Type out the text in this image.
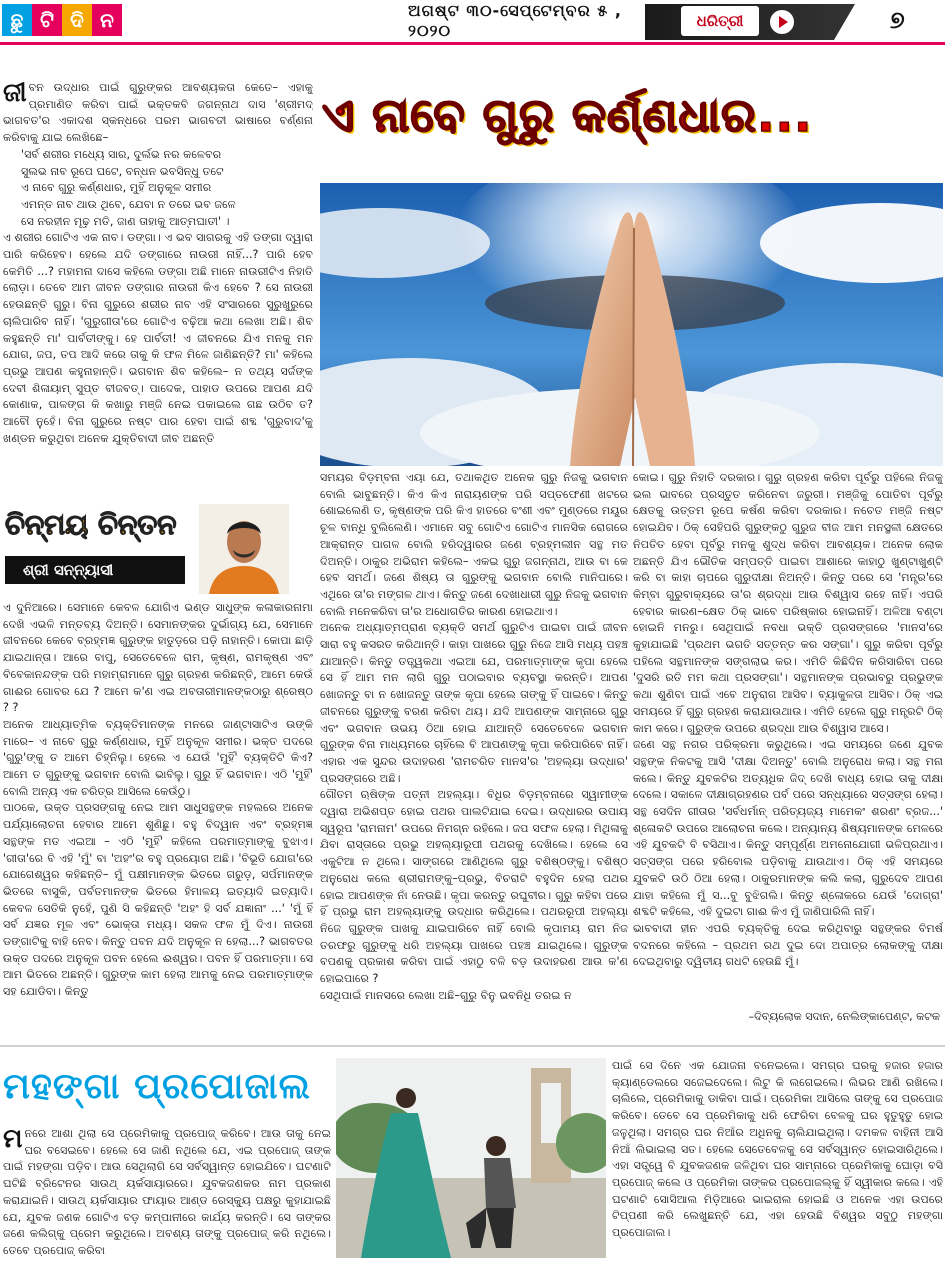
ଛୁ ଟି ଦି ନ	ଅଗଷ୍ଟ ୩୦-ସେପ୍ଟେମ୍ବର ୫ , ୨୦୨୦	ଧରିତ୍ରୀ	୭
ଏ ନାବେ ଗୁରୁ କର୍ଣ୍ଣଧାର...

ଜୀବନ ଉଦ୍ଧାର ପାଇଁ ଗୁରୁଙ୍କର ଆବଶ୍ୟକତା କେତେ– ଏହାକୁ ପ୍ରମାଣିତ କରିବା ପାଇଁ ଭକ୍ତକବି ଜଗନ୍ନାଥ ଦାସ 'ଶ୍ରୀମଦ୍ ଭାଗବତ'ର ଏକାଦଶ ସ୍କନ୍ଧରେ ପରମ ଭାଗବତୀ ଭାଷାରେ ବର୍ଣ୍ଣନା କରିବାକୁ ଯାଇ ଲେଖିଛେ–

'ସର୍ବ ଶରୀର ମଧ୍ୟେ ସାର, ଦୁର୍ଲଭ ନର କଳେବର

ସୁଲଭ ନାବ ରୂପେ ଘଟେ, ବନ୍ଧନ ଭବସିନ୍ଧୁ ତଟେ

ଏ ନାବେ ଗୁରୁ କର୍ଣ୍ଣଧାର, ମୁହିଁ ଅନୁକୂଳ ସମୀର

ଏମନ୍ତ ନାବ ଥାଉ ଥିବେ, ଯେବା ନ ତରେ ଭବ ଜଳେ

ସେ ନରହୀନ ମୂଢ଼ ମତି, ଜାଣ ତାହାକୁ ଆତ୍ମଘାତୀ' ।

ଏ ଶରୀର ଗୋଟିଏ ଏକ ନାବ। ଡଙ୍ଗା। ଏ ଭବ ସାଗରକୁ ଏହି ଡଙ୍ଗା ଦ୍ୱାରା ପାରି କରିହେବ। ହେଲେ ଯଦି ଡଙ୍ଗାରେ ନାଉରୀ ନାହିଁ...? ପାରି ହେବ କେମିତି ...? ମହାମନା ଦାସେ କହିଲେ ଡଙ୍ଗା ଅଛି ମାନେ ନାଉରୀଟିଏ ନିହାତି ଲୋଡ଼ା। ତେବେ ଆମ ଜୀବନ ଡଙ୍ଗାର ନାଉରୀ କିଏ ହେବେ ? ସେ ନାଉରୀ ହେଉଛନ୍ତି ଗୁରୁ। ବିନା ଗୁରୁରେ ଶରୀର ନାବ ଏହି ସଂସାରରେ ସୁରୁଖୁରୁରେ ଚାଲିପାରିବ ନାହିଁ। 'ଗୁରୁଗୀତା'ରେ ଗୋଟିଏ ବଢ଼ିଆ କଥା ଲେଖା ଅଛି। ଶିବ କହୁଛନ୍ତି ମା' ପାର୍ବତୀଙ୍କୁ। ହେ ପାର୍ବତୀ! ଏ ଜୀବନରେ ଯିଏ ମନକୁ ମନ ଯୋଗ, ଜପ, ତପ ଆଦି କରେ ତାକୁ କି ଫଳ ମିଳେ ଜାଣିଛନ୍ତି? ମା' କହିଲେ ପ୍ରଭୁ ଆପଣ କହୁନାହାନ୍ତି। ଭଗବାନ ଶିବ କହିଲେ– ନ ତଥ୍ୟ ସର୍ଜଙ୍କ ଦେବୀ ଶିଳାୟାମ୍ ସୁପ୍ତ ବୀଜବତ୍। ପାଦେକ, ପାହାଡ ଉପରେ ଆପଣ ଯଦି କୋଣାକ, ପାଳଙ୍ଗ କି କଖାରୁ ମଞ୍ଜି ନେଇ ପକାଇଲେ ଗଛ ଉଠିବ ତ? ଆବୌ ନୁହେଁ। ବିନା ଗୁରୁରେ ନଷ୍ଟ ପାର ହେବା ପାଇଁ ଶବ୍ଦ 'ଗୁରୁବାଦ'କୁ ଖଣ୍ଡନ କରୁଥିବା ଅନେକ ଯୁକ୍ତିବାଦୀ ଜୀବ ଅଛନ୍ତି

ଚିନ୍ମୟ ଚିନ୍ତନ
ଶ୍ରୀ ସନ୍ନ୍ୟାସୀ

ଏ ଦୁନିଆରେ। ସେମାନେ କେବଳ ଯୋଗିଏ ଭଣ୍ଡ ସାଧୁଙ୍କ କଳାକାରନାମା ଦେଖି ଏଭଳି ମନ୍ତବ୍ୟ ଦିଅନ୍ତି। ସେମାନଙ୍କର ଦୁର୍ଭାଗ୍ୟ ଯେ, ସେମାନେ ଜୀବନରେ କେବେ ବ୍ରହ୍ମଜ୍ଞ ଗୁରୁଙ୍କ ହାତୁଡ଼ରେ ପଡ଼ି ନାହାନ୍ତି। କୋପା ଛାଡ଼ି ଯାଇଥାନ୍ତା। ଆରେ ବାପୁ, ସେତେବେଳେ ରାମ, କୃଷ୍ଣ, ରାମକୃଷ୍ଣ ଏବଂ ବିବେକାନନ୍ଦଙ୍କ ପରି ମହାମ୍ରାମାନେ ଗୁରୁ ଗ୍ରହଣ କରିଛନ୍ତି, ଆମେ କେଉଁ ଗାଈର ଗୋବର ଯେ ? ଆମେ କ'ଣ ଏଇ ଅବତାରୀମାନଙ୍କଠାରୁ ଶ୍ରେଷ୍ଠ ? ?

ଅନେକ ଆଧ୍ୟାତ୍ମିକ ବ୍ୟକ୍ତିମାନଙ୍କ ମନରେ ଜାଣ୍ଟାସାଟିଏ ଉଙ୍କି ମାରେ– ଏ ନାବେ ଗୁରୁ କର୍ଣ୍ଣଧାର, ମୁହିଁ ଅନୁକୂଳ ସମୀର। ଭକ୍ତ ପଦରେ 'ଗୁରୁ'ଙ୍କୁ ତ ଆମେ ଚିହ୍ନିଲୁ। ହେଲେ ଏ ଯେଉଁ 'ମୁହିଁ' ବ୍ୟକ୍ତିଟି କିଏ? ଆମେ ତ ଗୁରୁଙ୍କୁ ଭଗବାନ ବୋଲି ଭାବିଲୁ। ଗୁରୁ ହିଁ ଭଗବାନ। ଏଠି 'ମୁହିଁ' ବୋଲି ଅନ୍ୟ ଏକ ଚରିତ୍ର ଆସିଲେ କେଉଁଠୁ।

ପାଠକେ, ଉକ୍ତ ପ୍ରସଙ୍ଗକୁ ନେଇ ଆମ ସାଧୁସନ୍ଥଙ୍କ ମହଲରେ ଅନେକ ପର୍ଯ୍ୟାଲୋଚନା ହେବାର ଆମେ ଶୁଣିଛୁ। ବହୁ ବିଦ୍ୱାନ ଏବଂ ବ୍ରହ୍ମଜ୍ଞ ସନ୍ଥଙ୍କ ମତ ଏଇଆ – ଏଠି 'ମୁହିଁ' କହିଲେ ପରମାତ୍ମାଙ୍କୁ ବୁଝାଏ। 'ଗୀତା'ରେ ବି ଏହି 'ମୁଁ' ବା 'ଅହଂ'ର ବହୁ ପ୍ରୟୋଗ ଅଛି। 'ବିଭୂତି ଯୋଗ'ରେ ଯୋଗେଶ୍ୱର କହିଛନ୍ତି– ମୁଁ ପକ୍ଷୀମାନଙ୍କ ଭିତରେ ଗରୁଡ଼, ସର୍ପମାନଙ୍କ ଭିତରେ ବାସୁକି, ପର୍ବତମାନଙ୍କ ଭିତରେ ହିମାଳୟ ଇତ୍ୟାଦି ଇତ୍ୟାଦି। କେବଳ ସେତିକି ନୁହେଁ, ପୁଣି ସି କହିଛନ୍ତି 'ଅହଂ ହି ସର୍ବ ଯଜ୍ଞାନାଂ ...' 'ମୁଁ ହିଁ ସର୍ବ ଯଜ୍ଞର ମୂଳ ଏବଂ ଭୋକ୍ତା ମଧ୍ୟ। ସକଳ ଫଳ ମୁଁ ଦିଏ। ନାଉରୀ ଡଙ୍ଗାଟିକୁ ବାହି ନେବ। କିନ୍ତୁ ପବନ ଯଦି ଅନୁକୂଳ ନ ହେଲା...? ଭାଗବତର ଉକ୍ତ ପଦରେ ଅନୁକୂଳ ପବନ ହେଲେ ଈଶ୍ୱର। ପବନ ହିଁ ପରମାତ୍ମା। ସେ ଆମ ଭିତରେ ଅଛନ୍ତି। ଗୁରୁଙ୍କ କାମ ହେଲା ଆମକୁ ନେଇ ପରମାତ୍ମାଙ୍କ ସହ ଯୋଡିବା। କିନ୍ତୁ

ସମୟର ବିଡ଼ମ୍ବନା ଏୟା ଯେ, ତଥାକଥିତ ଅନେକ ଗୁରୁ ନିଜକୁ ଭଗବାନ ବୋଲି ଭାବୁଛନ୍ତି। କିଏ କିଏ ନାରାୟଣଙ୍କ ପରି ସପ୍ତଫେଣୀ ଖଟରେ ଶୋଇଲେଣି ତ, କୃଷ୍ଣଙ୍କ ପରି କିଏ ହାତରେ ବଂଶୀ ଏବଂ ମୁଣ୍ଡରେ ମୟୂର ଚୂଳ ବାନ୍ଧି ବୁଲିଲେଣି। ଏମାନେ ସବୁ ଗୋଟିଏ ଗୋଟିଏ ମାନସିକ ରୋଗରେ ଆକ୍ରାନ୍ତ ପାଗଳ ବୋଲି ହରିଦ୍ୱାରର ଜଣେ ବ୍ରହ୍ମଲୀନ ସନ୍ଥ ମତ ଦିଅନ୍ତି। ଠାକୁର ଅଭିରାମ କହିଲେ– ଏକଇ ଗୁରୁ ଜଗନ୍ନାଥ, ଆଉ ବା କେ ହେବ ସମର୍ଥ। ଜଣେ ଶିଷ୍ୟ ତା ଗୁରୁଙ୍କୁ ଭଗବାନ ବୋଲି ମାନିପାରେ। ଏଥିରେ ତା'ର ମଙ୍ଗଳ ଥାଏ। କିନ୍ତୁ ଜଣେ ଦେଖାଧାରୀ ଗୁରୁ ନିଜକୁ ଭଗବାନ ବୋଲି ମନେକରିବା ତା'ର ଅଧୋଗତିର କାରଣ ହୋଇଥାଏ।

ଅନେକ ଅଧ୍ୟାତ୍ମପ୍ରାଣ ବ୍ୟକ୍ତି ସମର୍ଥ ଗୁରୁଟିଏ ପାଇବା ପାଇଁ ଜୀବନ ସାରା ବହୁ କସରତ କରିଥାନ୍ତି। କାହା ପାଖରେ ଗୁରୁ ନିଜେ ଆସି ମଧ୍ୟ ପହଞ୍ଚ ଯାଆନ୍ତି। କିନ୍ତୁ ତତ୍ତ୍ୱକଥା ଏଇଆ ଯେ, ପରମାତ୍ମାଙ୍କ କୃପା ହେଲେ ସେ ହିଁ ଆମ ମନ ଲାଗି ଗୁରୁ ପଠାଇବାର ବ୍ୟବସ୍ଥା କରନ୍ତି। ଆପଣ ଖୋଜନ୍ତୁ ବା ନ ଖୋଜନ୍ତୁ ତାଙ୍କ କୃପା ହେଲେ ତାଙ୍କୁ ହିଁ ପାଇବେ। କିନ୍ତୁ ଜୀବନରେ ଗୁରୁଙ୍କୁ ବରଣ କରିବା ଥୟ। ଯଦି ଆପଣଙ୍କ ସାମ୍ନାରେ ଗୁରୁ ଏବଂ ଭଗବାନ ଉଭୟ ଠିଆ ହୋଇ ଯାଆନ୍ତି ସେତେବେଳେ ଭଗବାନ ଗୁରୁଙ୍କ ବିନା ମାଧ୍ୟମରେ ଚାହିଁଲେ ବି ଆପଣଙ୍କୁ କୃପା କରିପାରିବେ ନାହିଁ। ଏହାର ଏକ ସୁନ୍ଦର ଉଦାହରଣ 'ରାମଚରିତ ମାନସ'ର 'ଅହଲ୍ୟା ଉଦ୍ଧାର' ପ୍ରସଙ୍ଗରେ ଅଛି।

ଗୌତମ ଋଷିଙ୍କ ପତ୍ନୀ ଅହଲ୍ୟା। ବିଧିର ବିଡ଼ମ୍ବନାରେ ସ୍ୱାମୀଙ୍କ ଦ୍ୱାରା ଅଭିଶପ୍ତ ହୋଇ ପଥର ପାଲଟିଯାଇ ଦେଇ। ଉଦ୍ଧାରର ଉପାୟ ସ୍ୱରୂପ 'ରାମନାମ' ଉପରେ ନିମଗ୍ନ ରହିଲେ। ଜପ ସଫଳ ହେଲା। ମିଥିଳାକୁ ଯିବା ରାସ୍ତାରେ ପ୍ରଭୁ ଅହଲ୍ୟାରୂପୀ ପଥରକୁ ଦେଖିଲେ। ହେଲେ ସେ ଏକୁଟିଆ ନ ଥିଲେ। ସାଙ୍ଗରେ ଆଣିଥିଲେ ଗୁରୁ ବଶିଷ୍ଠଙ୍କୁ। ବଶିଷ୍ଠ ଅନୁରୋଧ କଲେ ଶ୍ରୀରାମଙ୍କୁ–ପ୍ରଭୁ, ବିଚରାଟି ବହୁଦିନ ହେଲା ପଥର ହୋଇ ଆପଣଙ୍କ ନାଁ ନେଉଛି। କୃପା କରନ୍ତୁ ରଘୁବୀର। ଗୁରୁ କହିବା ପରେ ହିଁ ପ୍ରଭୁ ରାମ ଅହଲ୍ୟାଙ୍କୁ ଉଦ୍ଧାର କରିଥିଲେ। ପଥରରୂପୀ ଅହଲ୍ୟା ନିଜେ ଗୁରୁଙ୍କ ପାଖକୁ ଯାଇପାରିବେ ନାହିଁ ବୋଲି କୃପାମୟ ରାମ ନିଜ ତରଫରୁ ଗୁରୁଙ୍କୁ ଧରି ଅହଲ୍ୟା ପାଖରେ ପହଞ୍ଚ ଯାଇଥିଲେ। ଗୁରୁଙ୍କ ବପଣକୁ ପ୍ରକାଶ କରିବା ପାଇଁ ଏହାଠୁ ବଳି ବଡ଼ ଉଦାହରଣ ଆଉ କ'ଣ ହୋଇପାରେ ?

ସେଥିପାଇଁ ମାନସରେ ଲେଖା ଅଛି–ଗୁରୁ ବିନୁ ଭବନିଧି ତରଇ ନ

କୋଇ। ଗୁରୁ ନିହାତି ଦରକାର। ଗୁରୁ ଗ୍ରହଣ କରିବା ପୂର୍ବରୁ ପହିଲେ ନିଜକୁ ଭଲ ଭାବରେ ପ୍ରସ୍ତୁତ କରିନେବା ଜରୁରୀ। ମଞ୍ଜିକୁ ପୋତିବା ପୂର୍ବରୁ କ୍ଷେତକୁ ଉତ୍ତମ ରୂପେ କର୍ଷଣ କରିବା ଦରକାର। ନଚେତ ମଞ୍ଜି ନଷ୍ଟ ହୋଇଯିବ। ଠିକ୍ ସେହିପରି ଗୁରୁଙ୍କଠୁ ଗୁରୁଜ ବୀଜ ଆମ ମନସ୍ଥଳୀ କ୍ଷେତରେ ନିପତିତ ହେବା ପୂର୍ବରୁ ମନକୁ ଶୁଦ୍ଧ କରିବା ଆବଶ୍ୟକ। ଅନେକ ଲୋକ ଅଛନ୍ତି ଯିଏ ଭୌତିକ ସମ୍ପତ୍ତି ପାଇବା ଆଶାରେ କାହାଠୁ ଖୁଣ୍ଟାଖୁଣ୍ଟି କରି ବା କାହା ଚାପରେ ଗୁରୁଦୀକ୍ଷା ନିଅନ୍ତି। କିନ୍ତୁ ପରେ ସେ 'ମନ୍ତ୍ର'ରେ କିମ୍ବା ଗୁରୁବାକ୍ୟରେ ତା'ର ଶ୍ରଦ୍ଧା ଆଉ ବିଶ୍ୱାସ ରହେ ନାହିଁ। ଏପରି ହେବାର କାରଣ–କ୍ଷେତ ଠିକ୍ ଭାବେ ପରିଷ୍କାର ହୋଇନାହିଁ। ଅଳିଆ ବଣ୍ଟା ହୋଇନି ମନରୁ। ସେଥିପାଇଁ ନବଧା ଭକ୍ତି ପ୍ରସଙ୍ଗରେ 'ମାନସ'ରେ କୁହାଯାଇଛି 'ପ୍ରଥମ ଭଗତି ସତ୍ତନ୍ତ କର ସଙ୍ଗା'। ଗୁରୁ କରିବା ପୂର୍ବରୁ ପହିଲେ ସନ୍ଥମାନଙ୍କ ସଙ୍ଗଲାଭ କର। ଏମିତି କିଛିଦିନ କରିସାରିବା ପରେ 'ଦୁସରି ରତି ମମ କଥା ପ୍ରସଙ୍ଗା'। ସନ୍ଥମାନଙ୍କ ପ୍ରଭାବରୁ ପ୍ରଭୁଙ୍କ କଥା ଶୁଣିବା ପାଇଁ ଏବେ ଅନୁରାଗ ଆସିବ। ବ୍ୟାକୁଳତା ଆସିବ। ଠିକ୍ ଏଇ ସମୟରେ ହିଁ ଗୁରୁ ଗ୍ରହଣ କରାଯାଉଥାଉ। ଏମିତି ହେଲେ ଗୁରୁ ମନ୍ତ୍ରଟି ଠିକ୍ କାମ କରେ। ଗୁରୁଙ୍କ ଉପରେ ଶ୍ରଦ୍ଧା ଆଉ ବିଶ୍ୱାସ ଆସେ।

ଜଣେ ସନ୍ଥ ନଗର ପରିକ୍ରମା କରୁଥିଲେ। ଏଇ ସମୟରେ ଜଣେ ଯୁବକ ସନ୍ଥଙ୍କ ନିକଟକୁ ଆସି 'ଦୀକ୍ଷା ଦିଅନ୍ତୁ' ବୋଲି ଅନୁରୋଧ କଲା। ସନ୍ଥ ମନା କଲେ। କିନ୍ତୁ ଯୁବକଟିର ଅତ୍ୟଧିକ ଜିଦ୍ ଦେଖି ବାଧ୍ୟ ହୋଇ ତାକୁ ଦୀକ୍ଷା ଦେଲେ। ସକାଳେ ଦୀକ୍ଷାଗ୍ରହଣର ପର୍ବ ପରେ ସନ୍ଧ୍ୟାରେ ସତ୍ସଙ୍ଗ ହେଲା। ସନ୍ଥ ସେଦିନ ଗୀତାର 'ସର୍ବଧର୍ମାନ୍ ପରିତ୍ୟଜ୍ୟ ମାମେକଂ ଶରଣଂ ବ୍ରଜ...' ଶ୍ଳୋକଟି ଉପରେ ଆଲୋଚନା କଲେ। ଅନ୍ୟାନ୍ୟ ଶିଷ୍ୟମାନଙ୍କ ମେଳରେ ଏହି ଯୁବକଟି ବି ବସିଥାଏ। କିନ୍ତୁ ସମ୍ପୂର୍ଣ୍ଣ ଅମନୋଯୋଗୀ ଭଳିପ୍ରଥାଏ। ସତ୍ସଙ୍ଗ ପରେ ହରିବୋଲ ପଡ଼ିବାକୁ ଯାଉଥାଏ। ଠିକ୍ ଏହି ସମୟରେ ଯୁବକଟି ଉଠି ଠିଆ ହେଲା। ଠାକୁରମାନଙ୍କ କଲି କଲା, ଗୁରୁଦେବ ଆପଣ ଯାହା କହିଲେ ମୁଁ ସ...ବୁ ବୁଝିଗଲି। କିନ୍ତୁ ଶ୍ଳୋକରେ ଯେଉଁ 'ଦୋଗ୍ରା' ଶବ୍ଦଟି କହିଲେ, ଏହି ଦୁଇଟା ଗାଈ କିଏ ମୁଁ ଜାଣିପାରିଲି ନାହିଁ।

ଭାବବାଦୀ ହୀନ ଏପରି ବ୍ୟକ୍ତିକୁ ଦେଇ କରିଥିବାରୁ ସନ୍ଥଙ୍କର ବିମର୍ଷ ବଦନରେ କହିଲେ – ପ୍ରଥମ ରଥ ଦୁଇ ଦୋ ଅପାତ୍ର ଲୋକଙ୍କୁ ଦୀକ୍ଷା ଦେଇଥିବାରୁ ଦ୍ୱିତୀୟ ଗଧଟି ହେଉଛି ମୁଁ।

–ଦିବ୍ୟଲୋକ ସଦାନ, ନେଲିଙ୍କାପେଣ୍ଟ, କଟକ
ମହଙ୍ଗା ପ୍ରପୋଜାଲ

ମନରେ ଆଶା ଥିଲା ସେ ପ୍ରେମିକାକୁ ପ୍ରପୋଜ୍ କରିବେ। ଆଉ ତାକୁ ନେଇ ଘର ବସେଇବେ। ହେଲେ ସେ ଜାଣି ନଥିଲେ ଯେ, ଏଇ ପ୍ରପୋଜ୍ ତାଙ୍କ ପାଇଁ ମହଙ୍ଗା ପଡ଼ିବ। ଆଉ ସେଥିଲାଗି ସେ ସର୍ବସ୍ୱାନ୍ତ ହୋଇଯିବେ। ଘଟଣାଟି ଘଟିଛି ବ୍ରିଟେନର ସାଉଥ୍ ୟର୍କସାୟାରରେ। ଯୁବକଜଣକର ନାମ ପ୍ରକାଶ କରାଯାଇନି। ସାଉଥ୍ ୟର୍କସାୟାର ଫାୟାର ଆଣ୍ଡ ରେସ୍କ୍ୟୁ ପକ୍ଷରୁ କୁହାଯାଇଛି ଯେ, ଯୁବକ ଜଣକ ଗୋଟିଏ ବଡ଼ କମ୍ପାନୀରେ କାର୍ଯ୍ୟ କରନ୍ତି। ସେ ତାଙ୍କର ଜଣେ କଲିଗ୍‌କୁ ପ୍ରେମ କରୁଥିଲେ। ଅବଶ୍ୟ ତାଙ୍କୁ ପ୍ରପୋଜ୍ କରି ନଥିଲେ। ତେବେ ପ୍ରପୋଜ୍ କରିବା

ପାଇଁ ସେ ଦିନେ ଏକ ଯୋଜନା ବନେଇଲେ। ସମଗ୍ର ଘରକୁ ହଜାର ହଜାର କ୍ୟାଣ୍ଡେଲରେ ସଜେଇଦେଲେ। ଲିଟୁ କି ଲଗେଇଲେ। ଲିଭର ଆଣି ରଖିଲେ। ଚାଲିଲେ, ପ୍ରେମିକାକୁ ଡାକିବା ପାଇଁ। ପ୍ରେମିକା ଆସିଲେ ତାଙ୍କୁ ସେ ପ୍ରପୋଜ କରିବେ। ତେବେ ସେ ପ୍ରେମିକାକୁ ଧରି ଫେରିବା ବେଳକୁ ଘର ହୁତୁହୁତୁ ହୋଇ ଜଳୁଥିଲା। ସମଗ୍ର ଘର ନିଆଁର ଅଧିନକୁ ଚାଲିଯାଇଥିଲା। ଦମକଳ ବାହିନୀ ଆସି ନିଆଁ ଲିଭାଇଲା ସତ। ହେଲେ ସେତେବେଳକୁ ସେ ସର୍ବସ୍ୱାନ୍ତ ହୋଇସାରିଥିଲେ। ଏହା ସତ୍ତ୍ୱେ ବି ଯୁବକଜଣକ ଜଳିଥିବା ଘର ସାମ୍ନାରେ ପ୍ରେମିକାକୁ ଘୋଡ଼ା ବସି ପ୍ରପୋଜ୍ କଲେ ଓ ପ୍ରେମିକା ତାଙ୍କର ପ୍ରପୋଜଲ୍‌କୁ ହିଁ ସ୍ୱୀକାର କଲେ। ଏହି ଘଟଣାଟି ସୋସିଆଲ ମିଡ଼ିଆରେ ଭାଇରାଲ ହୋଇଛି ଓ ଅନେକ ଏହା ଉପରେ ଟିପ୍ପଣୀ କରି ଲେଖୁଛନ୍ତି ଯେ, ଏହା ହେଉଛି ବିଶ୍ୱର ସବୁଠୁ ମହଙ୍ଗା ପ୍ରପୋଜାଲ।
